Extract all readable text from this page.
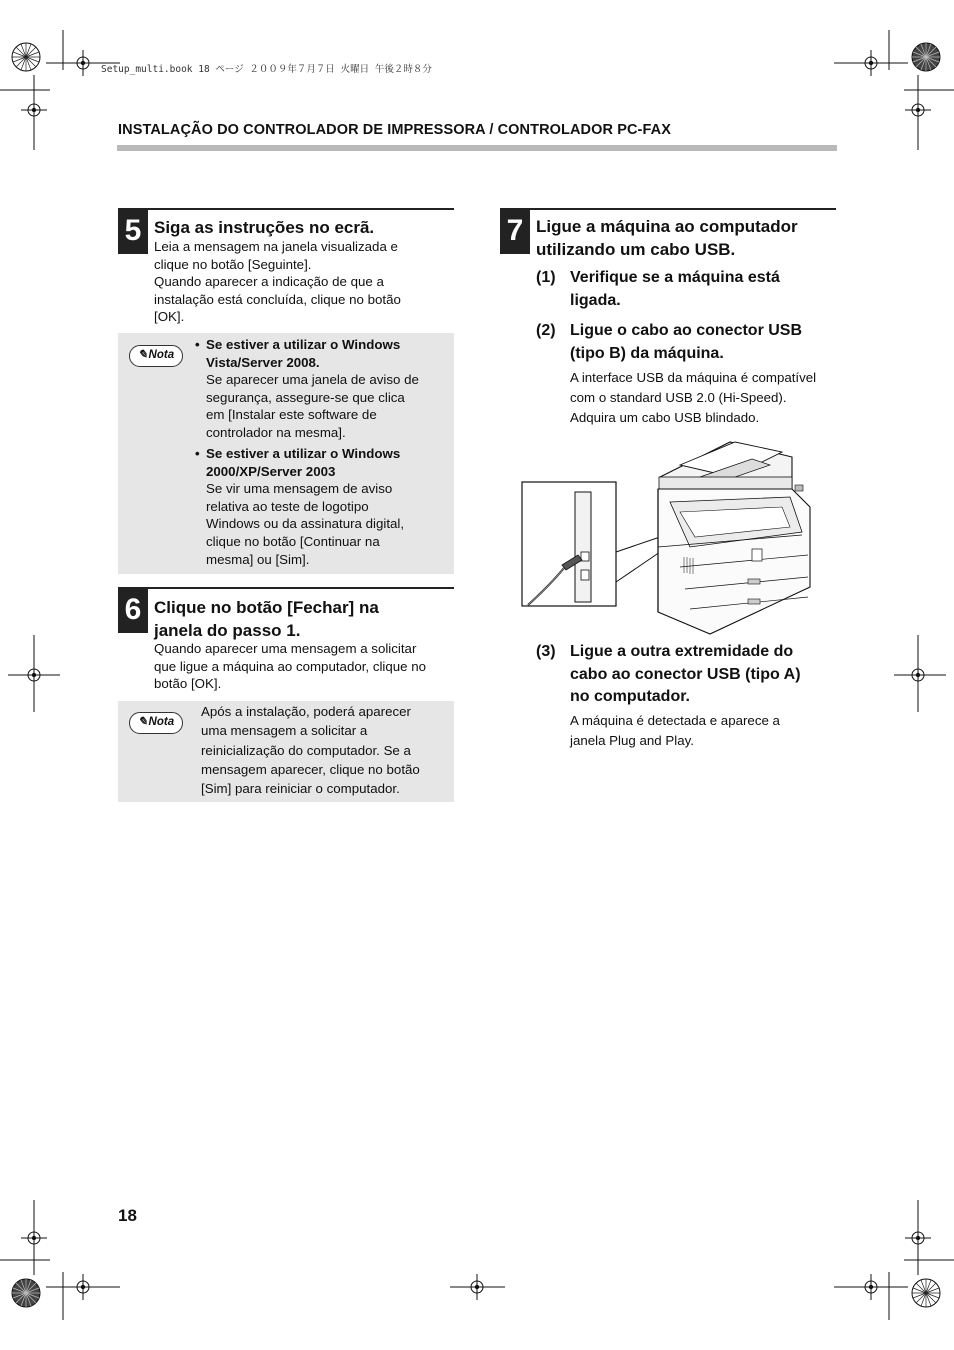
Setup_multi.book 18 ページ ２００９年７月７日 火曜日 午後２時８分
INSTALAÇÃO DO CONTROLADOR DE IMPRESSORA / CONTROLADOR PC-FAX
5 Siga as instruções no ecrã.
Leia a mensagem na janela visualizada e
clique no botão [Seguinte].
Quando aparecer a indicação de que a
instalação está concluída, clique no botão
[OK].
✎Nota
• Se estiver a utilizar o Windows
Vista/Server 2008.
Se aparecer uma janela de aviso de
segurança, assegure-se que clica
em [Instalar este software de
controlador na mesma].
• Se estiver a utilizar o Windows
2000/XP/Server 2003
Se vir uma mensagem de aviso
relativa ao teste de logotipo
Windows ou da assinatura digital,
clique no botão [Continuar na
mesma] ou [Sim].
6 Clique no botão [Fechar] na
janela do passo 1.
Quando aparecer uma mensagem a solicitar
que ligue a máquina ao computador, clique no
botão [OK].
✎Nota
Após a instalação, poderá aparecer
uma mensagem a solicitar a
reinicialização do computador. Se a
mensagem aparecer, clique no botão
[Sim] para reiniciar o computador.
7 Ligue a máquina ao computador
utilizando um cabo USB.
(1) Verifique se a máquina está
ligada.
(2) Ligue o cabo ao conector USB
(tipo B) da máquina.
A interface USB da máquina é compatível
com o standard USB 2.0 (Hi-Speed).
Adquira um cabo USB blindado.
(3) Ligue a outra extremidade do
cabo ao conector USB (tipo A)
no computador.
A máquina é detectada e aparece a
janela Plug and Play.
18
